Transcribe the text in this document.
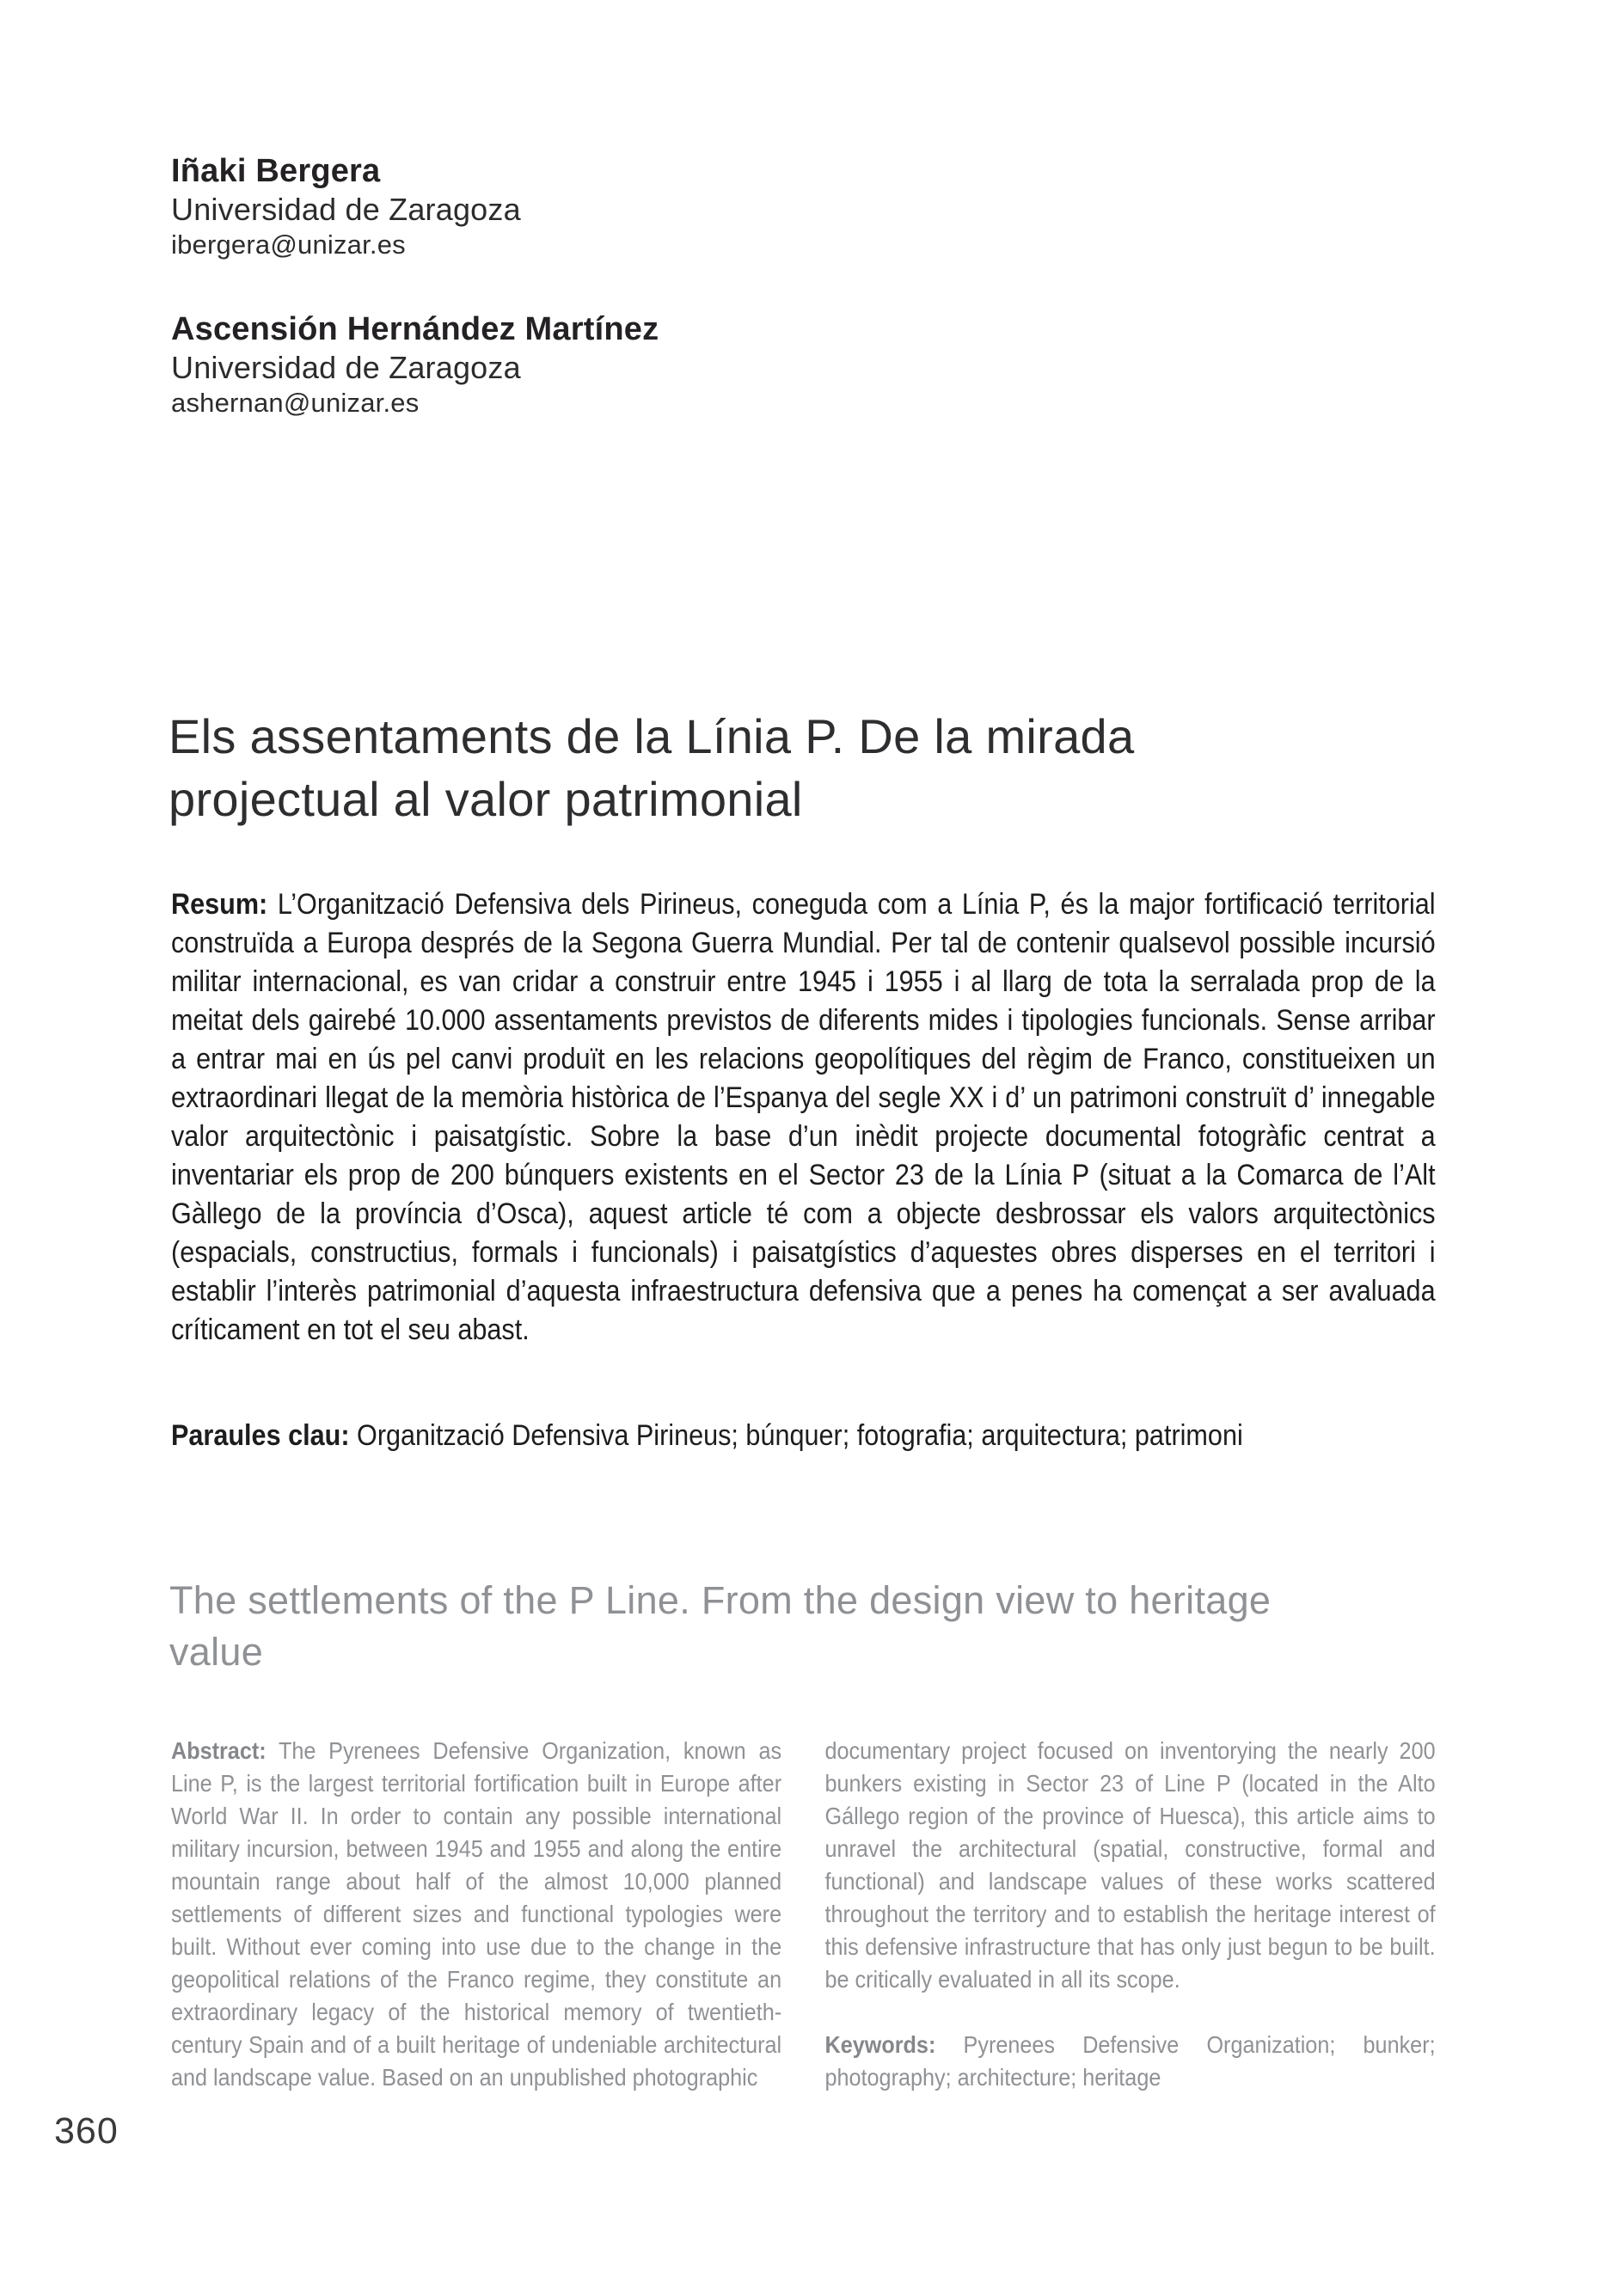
Iñaki Bergera
Universidad de Zaragoza
ibergera@unizar.es
Ascensión Hernández Martínez
Universidad de Zaragoza
ashernan@unizar.es
Els assentaments de la Línia P. De la mirada projectual al valor patrimonial

Resum: L’Organització Defensiva dels Pirineus, coneguda com a Línia P, és la major fortificació territorial construïda a Europa després de la Segona Guerra Mundial. Per tal de contenir qualsevol possible incursió militar internacional, es van cridar a construir entre 1945 i 1955 i al llarg de tota la serralada prop de la meitat dels gairebé 10.000 assentaments previstos de diferents mides i tipologies funcionals. Sense arribar a entrar mai en ús pel canvi produït en les relacions geopolítiques del règim de Franco, constitueixen un extraordinari llegat de la memòria històrica de l’Espanya del segle XX i d’ un patrimoni construït d’ innegable valor arquitectònic i paisatgístic. Sobre la base d’un inèdit projecte documental fotogràfic centrat a inventariar els prop de 200 búnquers existents en el Sector 23 de la Línia P (situat a la Comarca de l’Alt Gàllego de la província d’Osca), aquest article té com a objecte desbrossar els valors arquitectònics (espacials, constructius, formals i funcionals) i paisatgístics d’aquestes obres disperses en el territori i establir l’interès patrimonial d’aquesta infraestructura defensiva que a penes ha començat a ser avaluada críticament en tot el seu abast.

Paraules clau: Organització Defensiva Pirineus; búnquer; fotografia; arquitectura; patrimoni

The settlements of the P Line. From the design view to heritage value

Abstract: The Pyrenees Defensive Organization, known as Line P, is the largest territorial fortification built in Europe after World War II. In order to contain any possible international military incursion, between 1945 and 1955 and along the entire mountain range about half of the almost 10,000 planned settlements of different sizes and functional typologies were built. Without ever coming into use due to the change in the geopolitical relations of the Franco regime, they constitute an extraordinary legacy of the historical memory of twentieth-century Spain and of a built heritage of undeniable architectural and landscape value. Based on an unpublished photographic

documentary project focused on inventorying the nearly 200 bunkers existing in Sector 23 of Line P (located in the Alto Gállego region of the province of Huesca), this article aims to unravel the architectural (spatial, constructive, formal and functional) and landscape values of these works scattered throughout the territory and to establish the heritage interest of this defensive infrastructure that has only just begun to be built. be critically evaluated in all its scope.

Keywords: Pyrenees Defensive Organization; bunker; photography; architecture; heritage

360
